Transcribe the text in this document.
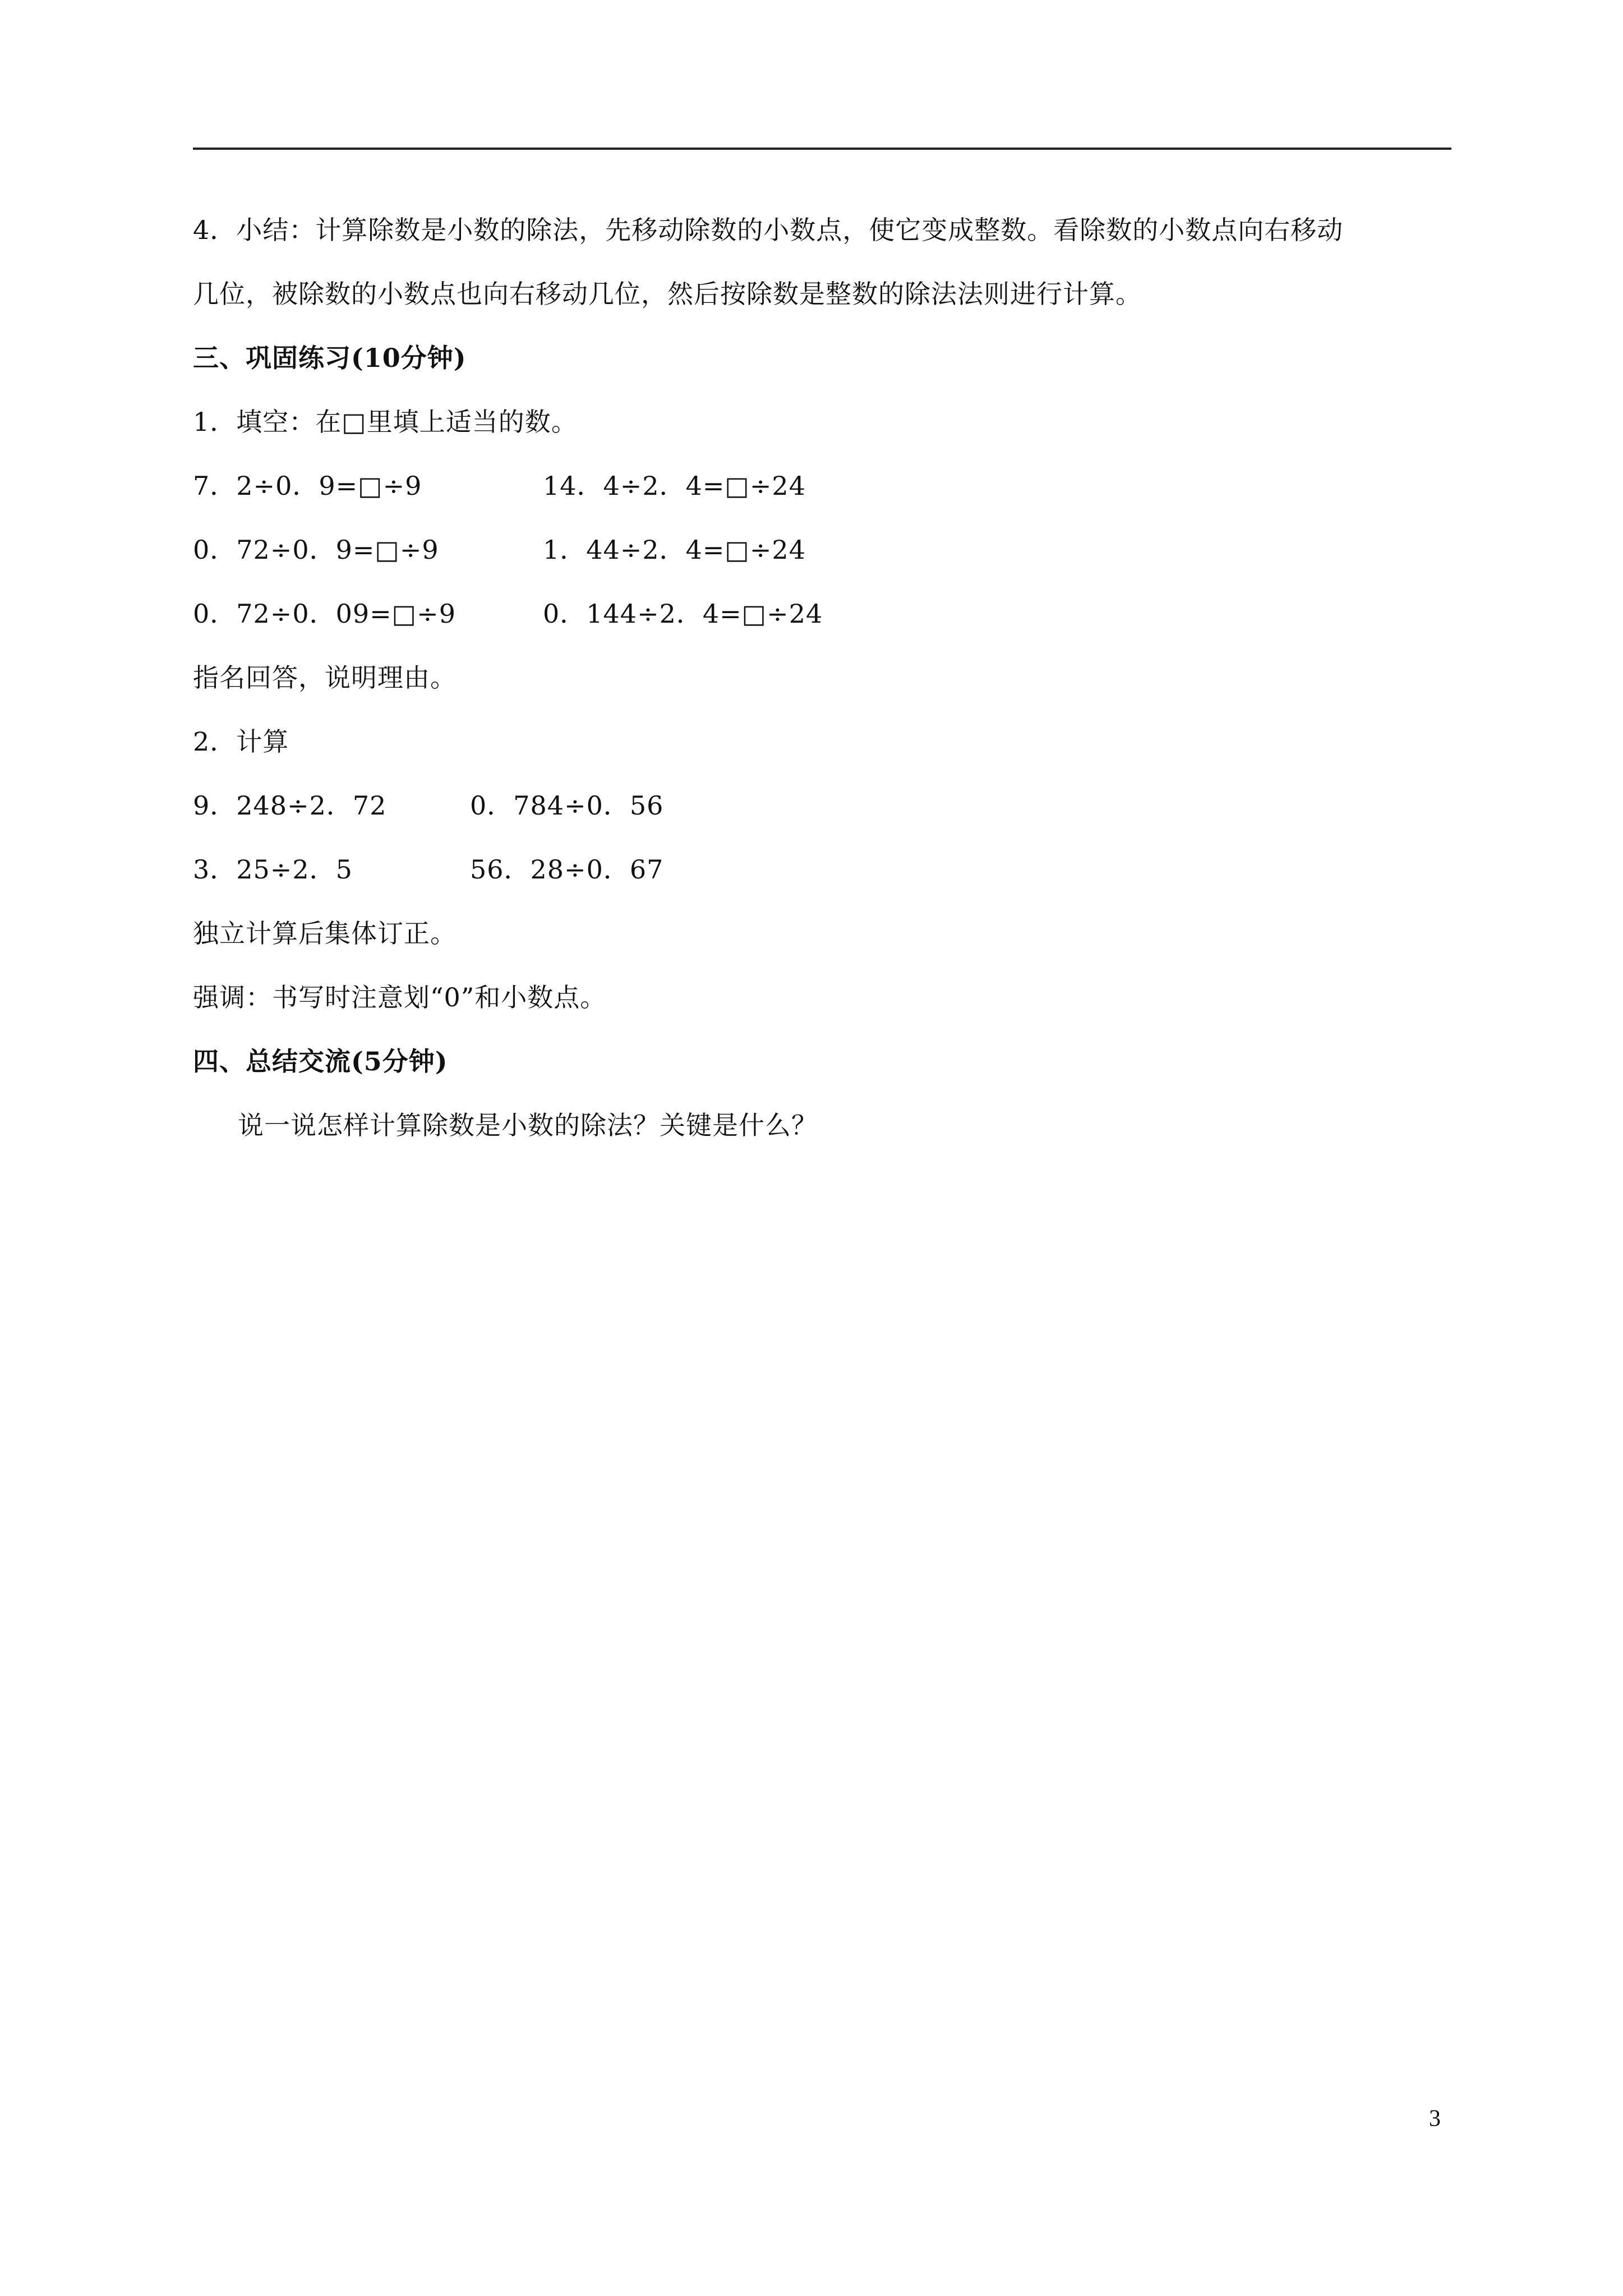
4．小结：计算除数是小数的除法，先移动除数的小数点，使它变成整数。看除数的小数点向右移动
几位，被除数的小数点也向右移动几位，然后按除数是整数的除法法则进行计算。
三、巩固练习(10分钟)
1．填空：在□里填上适当的数。
7．2÷0．9=□÷9	14．4÷2．4=□÷24
0．72÷0．9=□÷9	1．44÷2．4=□÷24
0．72÷0．09=□÷9	0．144÷2．4=□÷24
指名回答，说明理由。
2．计算
9．248÷2．72	0．784÷0．56
3．25÷2．5	56．28÷0．67
独立计算后集体订正。
强调：书写时注意划“0”和小数点。
四、总结交流(5分钟)
说一说怎样计算除数是小数的除法？关键是什么？
3
